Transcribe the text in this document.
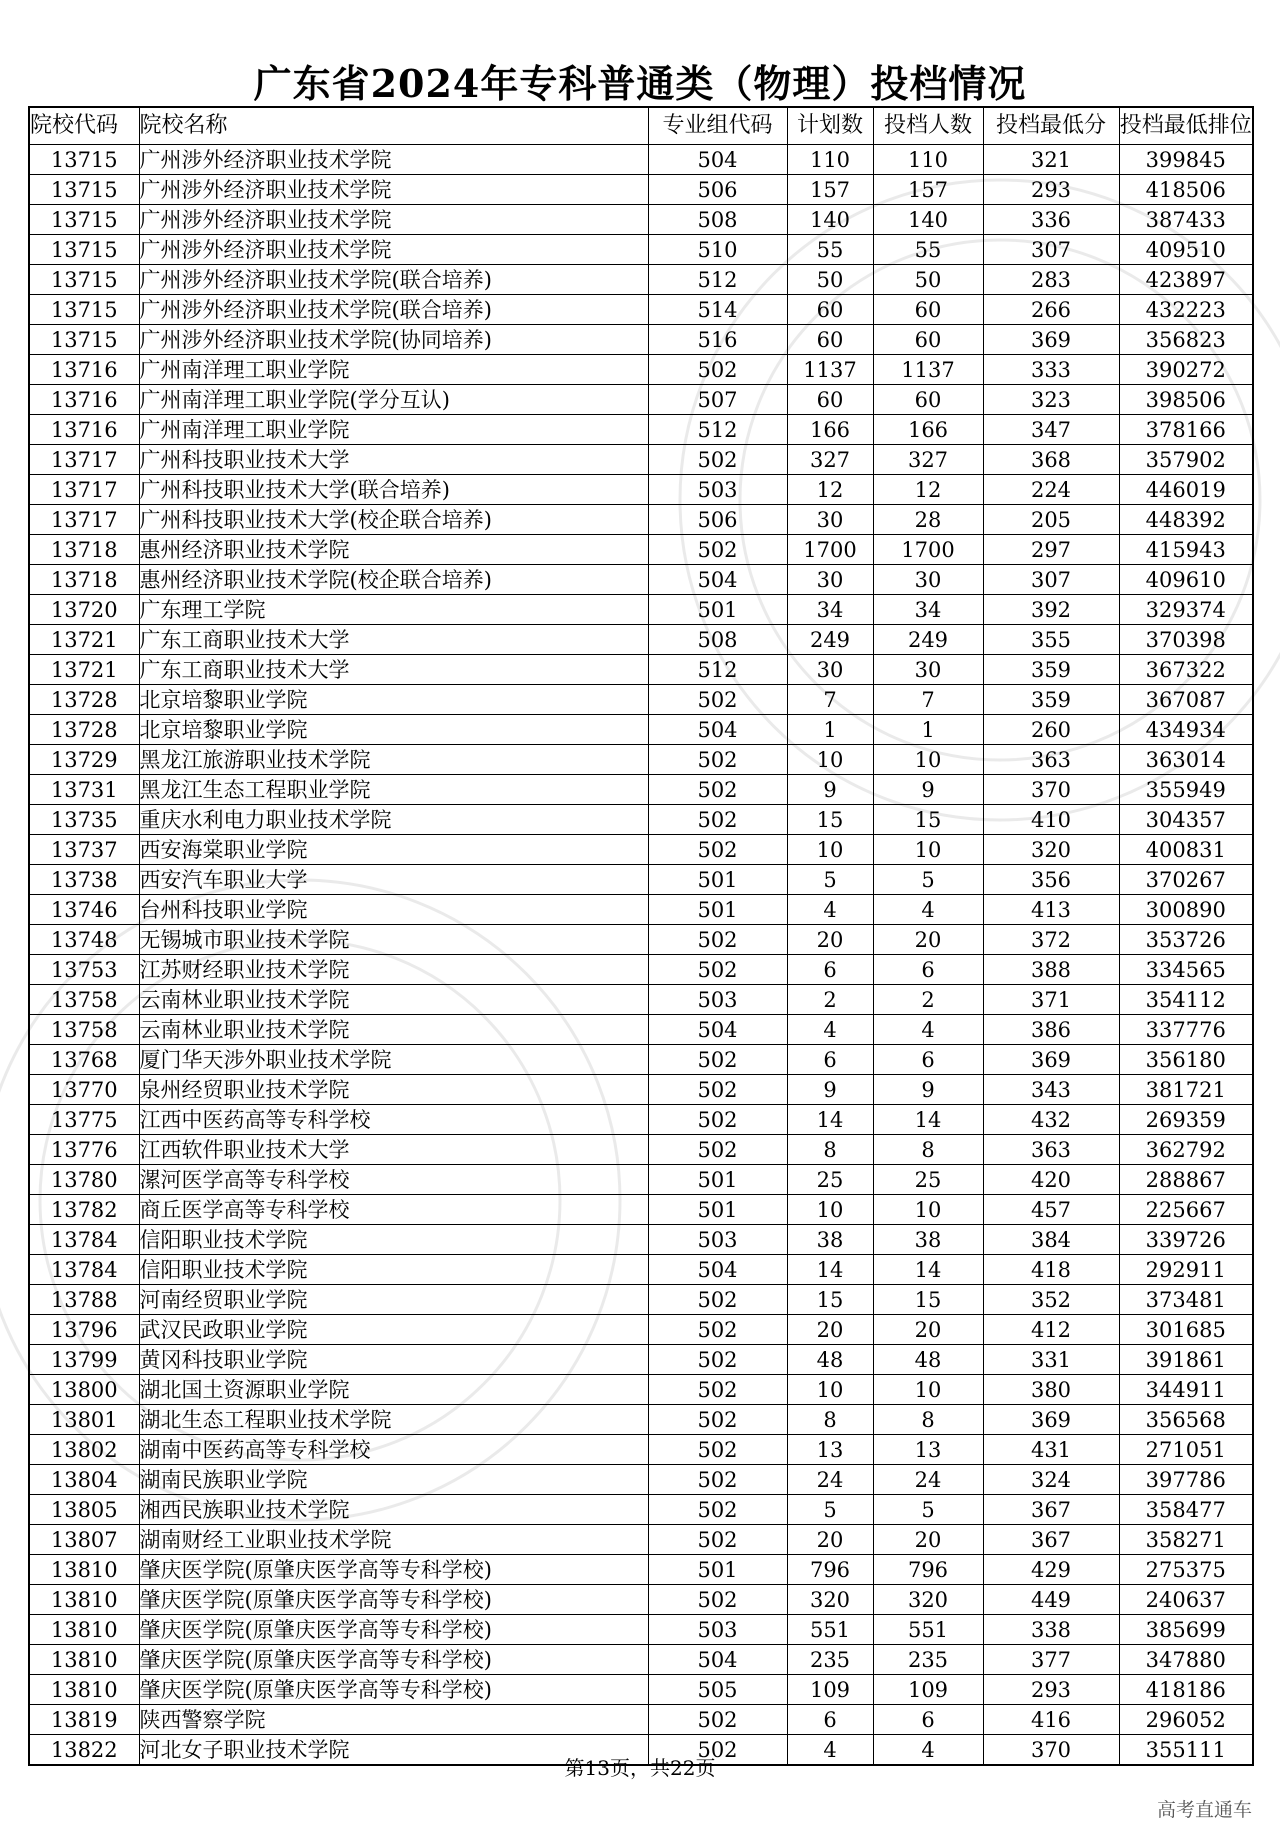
广东省2024年专科普通类（物理）投档情况
院校代码	院校名称	专业组代码	计划数	投档人数	投档最低分	投档最低排位
13715	广州涉外经济职业技术学院	504	110	110	321	399845
13715	广州涉外经济职业技术学院	506	157	157	293	418506
13715	广州涉外经济职业技术学院	508	140	140	336	387433
13715	广州涉外经济职业技术学院	510	55	55	307	409510
13715	广州涉外经济职业技术学院(联合培养)	512	50	50	283	423897
13715	广州涉外经济职业技术学院(联合培养)	514	60	60	266	432223
13715	广州涉外经济职业技术学院(协同培养)	516	60	60	369	356823
13716	广州南洋理工职业学院	502	1137	1137	333	390272
13716	广州南洋理工职业学院(学分互认)	507	60	60	323	398506
13716	广州南洋理工职业学院	512	166	166	347	378166
13717	广州科技职业技术大学	502	327	327	368	357902
13717	广州科技职业技术大学(联合培养)	503	12	12	224	446019
13717	广州科技职业技术大学(校企联合培养)	506	30	28	205	448392
13718	惠州经济职业技术学院	502	1700	1700	297	415943
13718	惠州经济职业技术学院(校企联合培养)	504	30	30	307	409610
13720	广东理工学院	501	34	34	392	329374
13721	广东工商职业技术大学	508	249	249	355	370398
13721	广东工商职业技术大学	512	30	30	359	367322
13728	北京培黎职业学院	502	7	7	359	367087
13728	北京培黎职业学院	504	1	1	260	434934
13729	黑龙江旅游职业技术学院	502	10	10	363	363014
13731	黑龙江生态工程职业学院	502	9	9	370	355949
13735	重庆水利电力职业技术学院	502	15	15	410	304357
13737	西安海棠职业学院	502	10	10	320	400831
13738	西安汽车职业大学	501	5	5	356	370267
13746	台州科技职业学院	501	4	4	413	300890
13748	无锡城市职业技术学院	502	20	20	372	353726
13753	江苏财经职业技术学院	502	6	6	388	334565
13758	云南林业职业技术学院	503	2	2	371	354112
13758	云南林业职业技术学院	504	4	4	386	337776
13768	厦门华天涉外职业技术学院	502	6	6	369	356180
13770	泉州经贸职业技术学院	502	9	9	343	381721
13775	江西中医药高等专科学校	502	14	14	432	269359
13776	江西软件职业技术大学	502	8	8	363	362792
13780	漯河医学高等专科学校	501	25	25	420	288867
13782	商丘医学高等专科学校	501	10	10	457	225667
13784	信阳职业技术学院	503	38	38	384	339726
13784	信阳职业技术学院	504	14	14	418	292911
13788	河南经贸职业学院	502	15	15	352	373481
13796	武汉民政职业学院	502	20	20	412	301685
13799	黄冈科技职业学院	502	48	48	331	391861
13800	湖北国土资源职业学院	502	10	10	380	344911
13801	湖北生态工程职业技术学院	502	8	8	369	356568
13802	湖南中医药高等专科学校	502	13	13	431	271051
13804	湖南民族职业学院	502	24	24	324	397786
13805	湘西民族职业技术学院	502	5	5	367	358477
13807	湖南财经工业职业技术学院	502	20	20	367	358271
13810	肇庆医学院(原肇庆医学高等专科学校)	501	796	796	429	275375
13810	肇庆医学院(原肇庆医学高等专科学校)	502	320	320	449	240637
13810	肇庆医学院(原肇庆医学高等专科学校)	503	551	551	338	385699
13810	肇庆医学院(原肇庆医学高等专科学校)	504	235	235	377	347880
13810	肇庆医学院(原肇庆医学高等专科学校)	505	109	109	293	418186
13819	陕西警察学院	502	6	6	416	296052
13822	河北女子职业技术学院	502	4	4	370	355111
第13页，共22页
高考直通车
